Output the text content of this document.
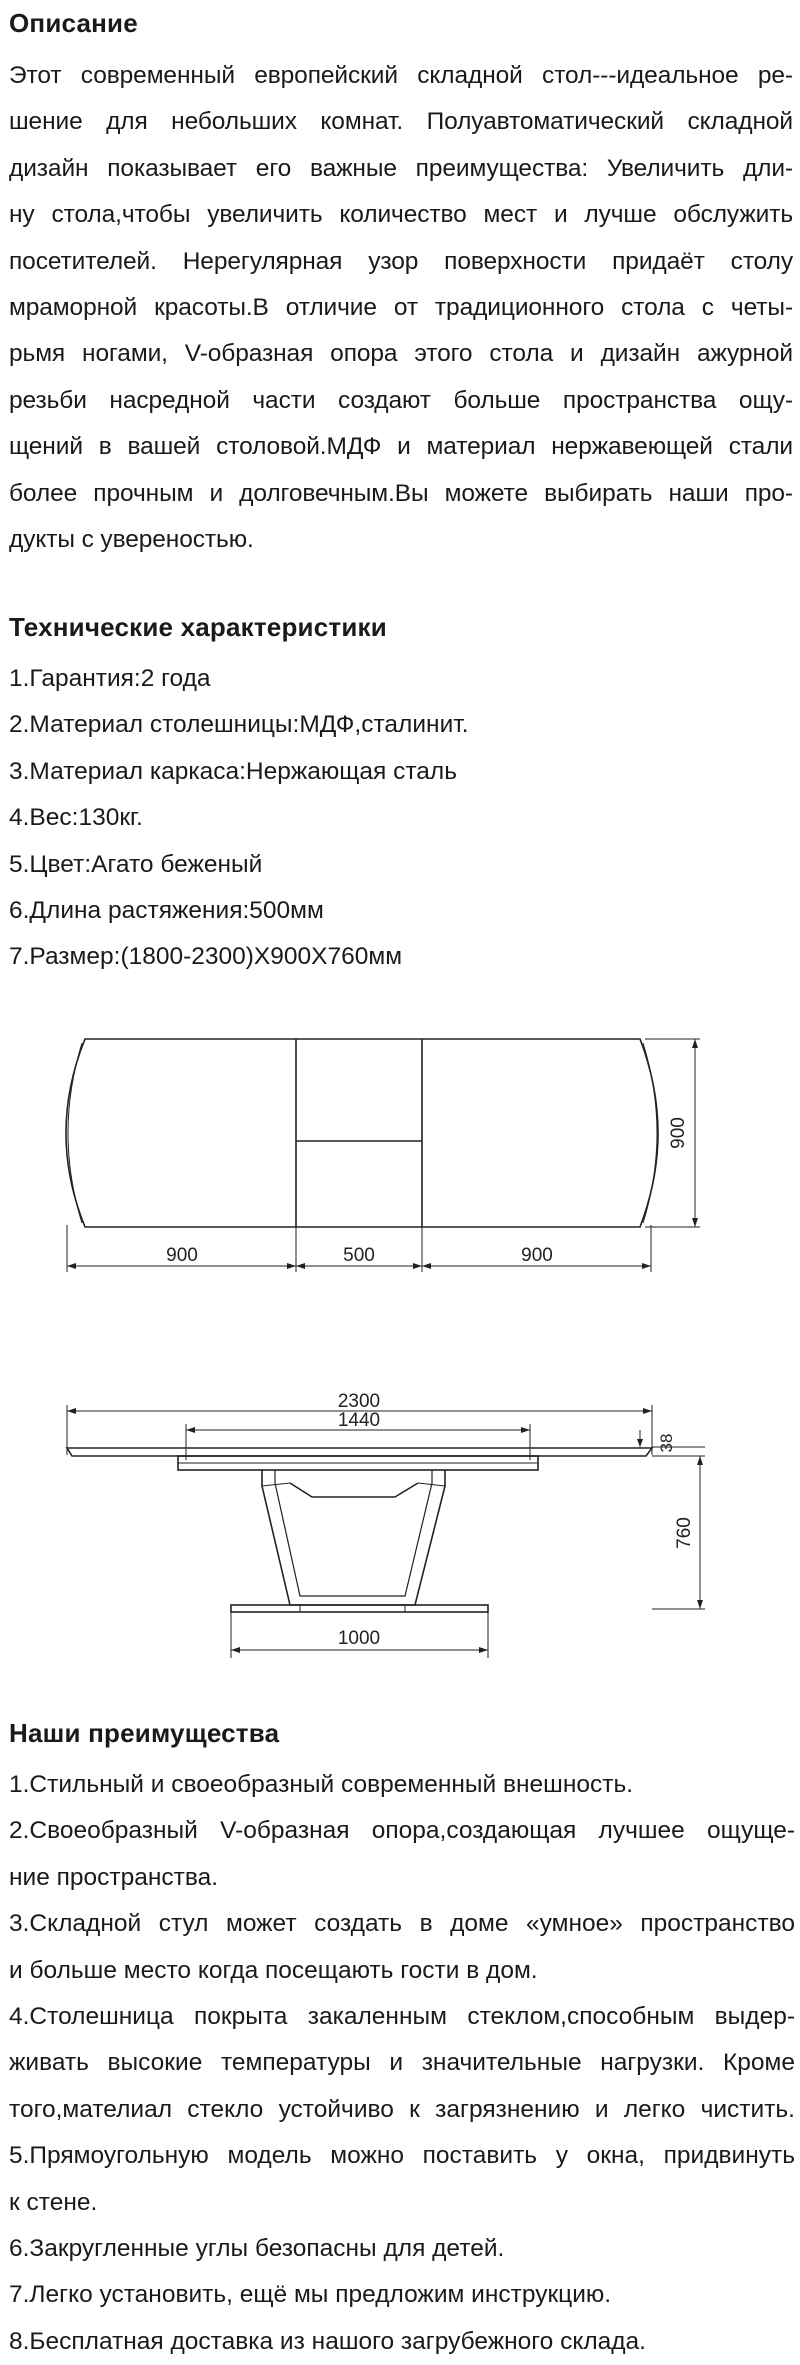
Описание
Этот современный европейский складной стол---идеальное ре-
шение для небольших комнат. Полуавтоматический складной
дизайн показывает его важные преимущества: Увеличить дли-
ну стола,чтобы увеличить количество мест и лучше обслужить
посетителей. Нерегулярная узор поверхности придаёт столу
мраморной красоты.В отличие от традиционного стола с четы-
рьмя ногами, V-образная опора этого стола и дизайн ажурной
резьби насредной части создают больше пространства ощу-
щений в вашей столовой.МДФ и материал нержавеющей стали
более прочным и долговечным.Вы можете выбирать наши про-
дукты с увереностью.
Технические характеристики
1.Гарантия:2 года
2.Материал столешницы:МДФ,сталинит.
3.Материал каркаса:Нержающая сталь
4.Вес:130кг.
5.Цвет:Агато беженый
6.Длина растяжения:500мм
7.Размер:(1800-2300)X900X760мм
900	500	900
900
2300
1440
38
760
1000
Наши преимущества
1.Стильный и своеобразный современный внешность.
2.Своеобразный V-образная опора,создающая лучшее ощуще-
ние пространства.
3.Складной стул может создать в доме «умное» пространство
и больше место когда посещають гости в дом.
4.Столешница покрыта закаленным стеклом,способным выдер-
живать высокие температуры и значительные нагрузки. Кроме
того,мателиал стекло устойчиво к загрязнению и легко чистить.
5.Прямоугольную модель можно поставить у окна, придвинуть
к стене.
6.Закругленные углы безопасны для детей.
7.Легко установить, ещё мы предложим инструкцию.
8.Бесплатная доставка из нашого загрубежного склада.
